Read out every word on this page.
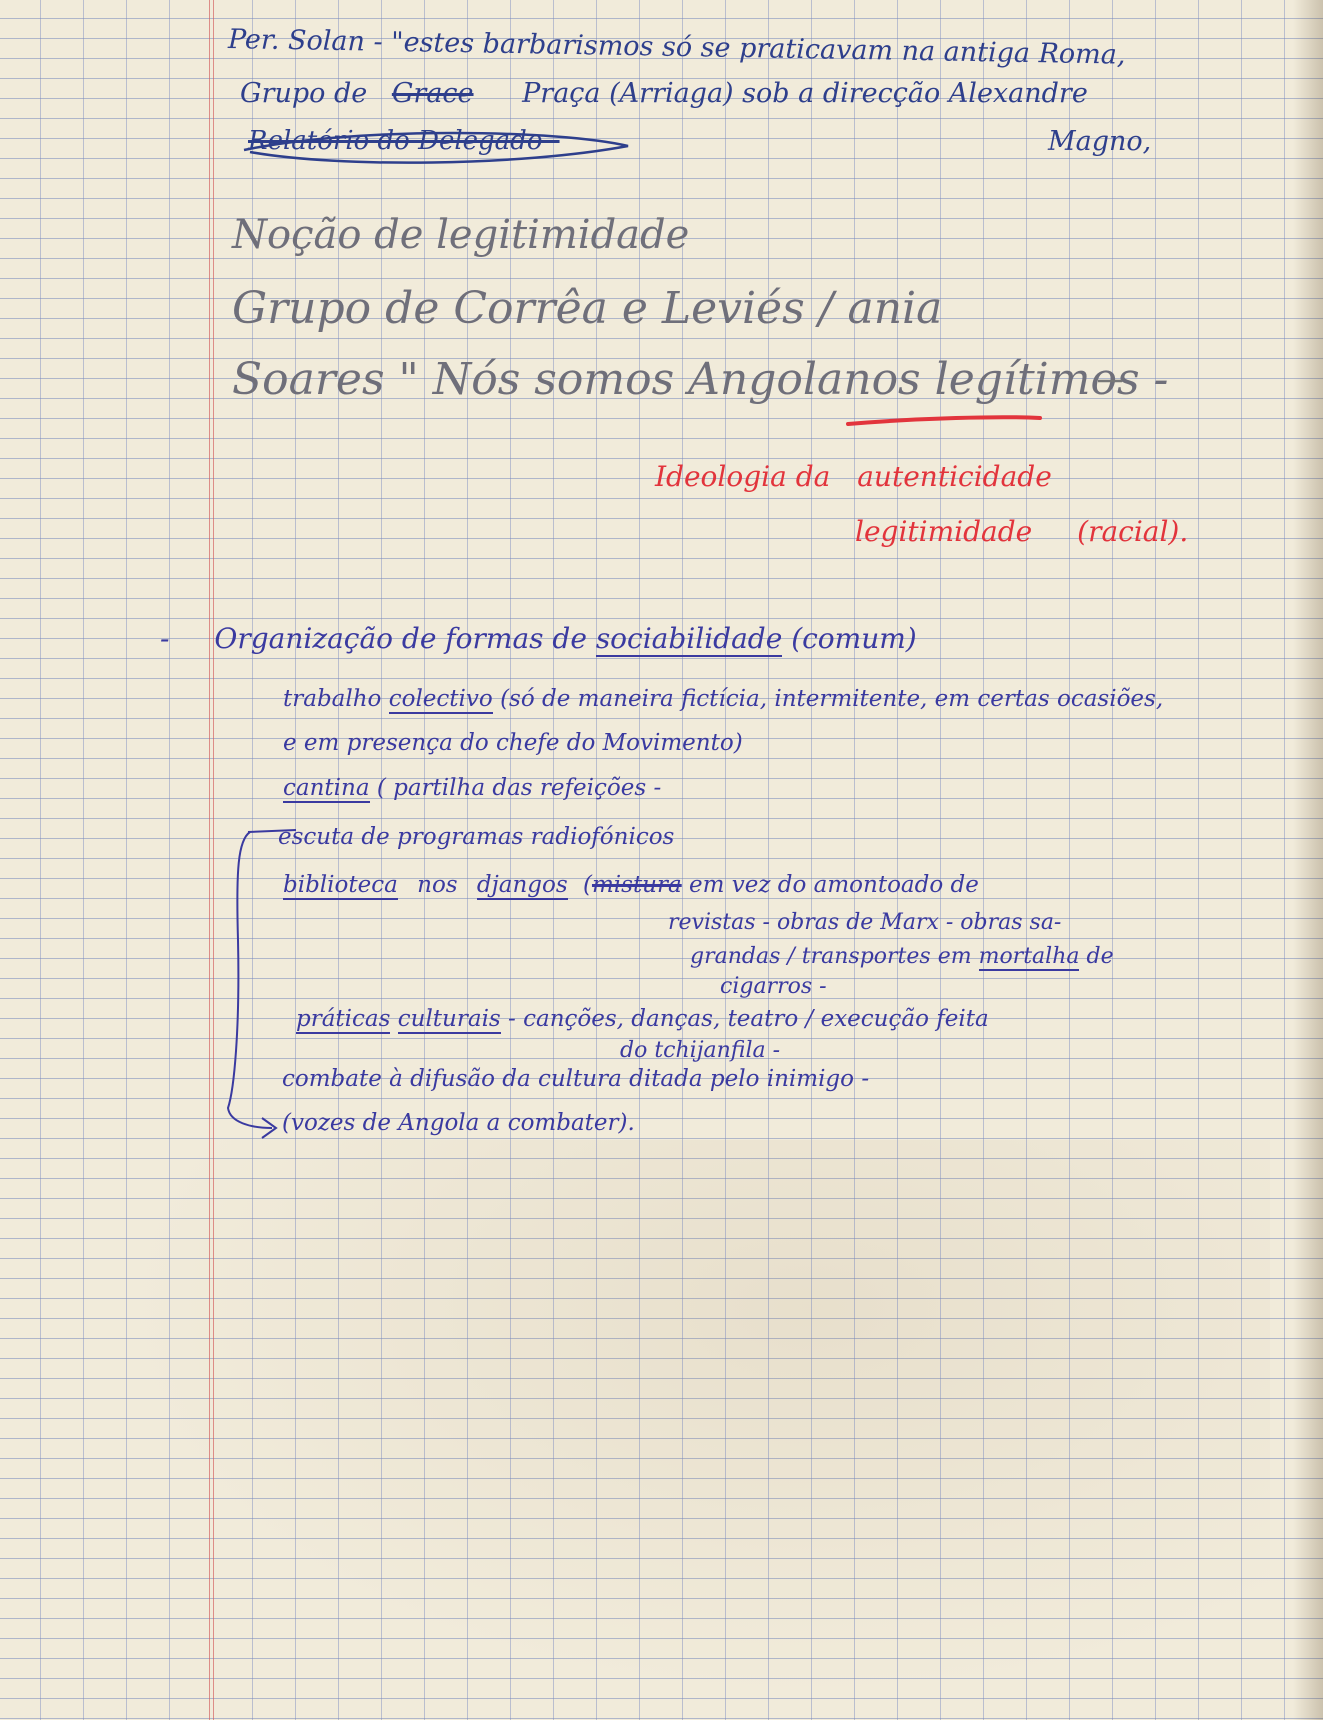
Per. Solan - "estes barbarismos só se praticavam na antiga Roma,
Grupo de Grace Praça (Arriaga) sob a direcção Alexandre
Magno,
Relatório do Delegado -
Noção de legitimidade
Grupo de Corrêa e Leviés / ania
Soares " Nós somos Angolanos legítimos -
Ideologia da autenticidade
legitimidade (racial).
- Organização de formas de sociabilidade (comum)
trabalho colectivo (só de maneira fictícia, intermitente, em certas ocasiões,
e em presença do chefe do Movimento)
cantina ( partilha das refeições -
escuta de programas radiofónicos
biblioteca nos djangos (mistura em vez do amontoado de
revistas - obras de Marx - obras sa-
grandas / transportes em mortalha de
cigarros -
práticas culturais - canções, danças, teatro / execução feita
do tchijanfila -
combate à difusão da cultura ditada pelo inimigo -
(vozes de Angola a combater).
